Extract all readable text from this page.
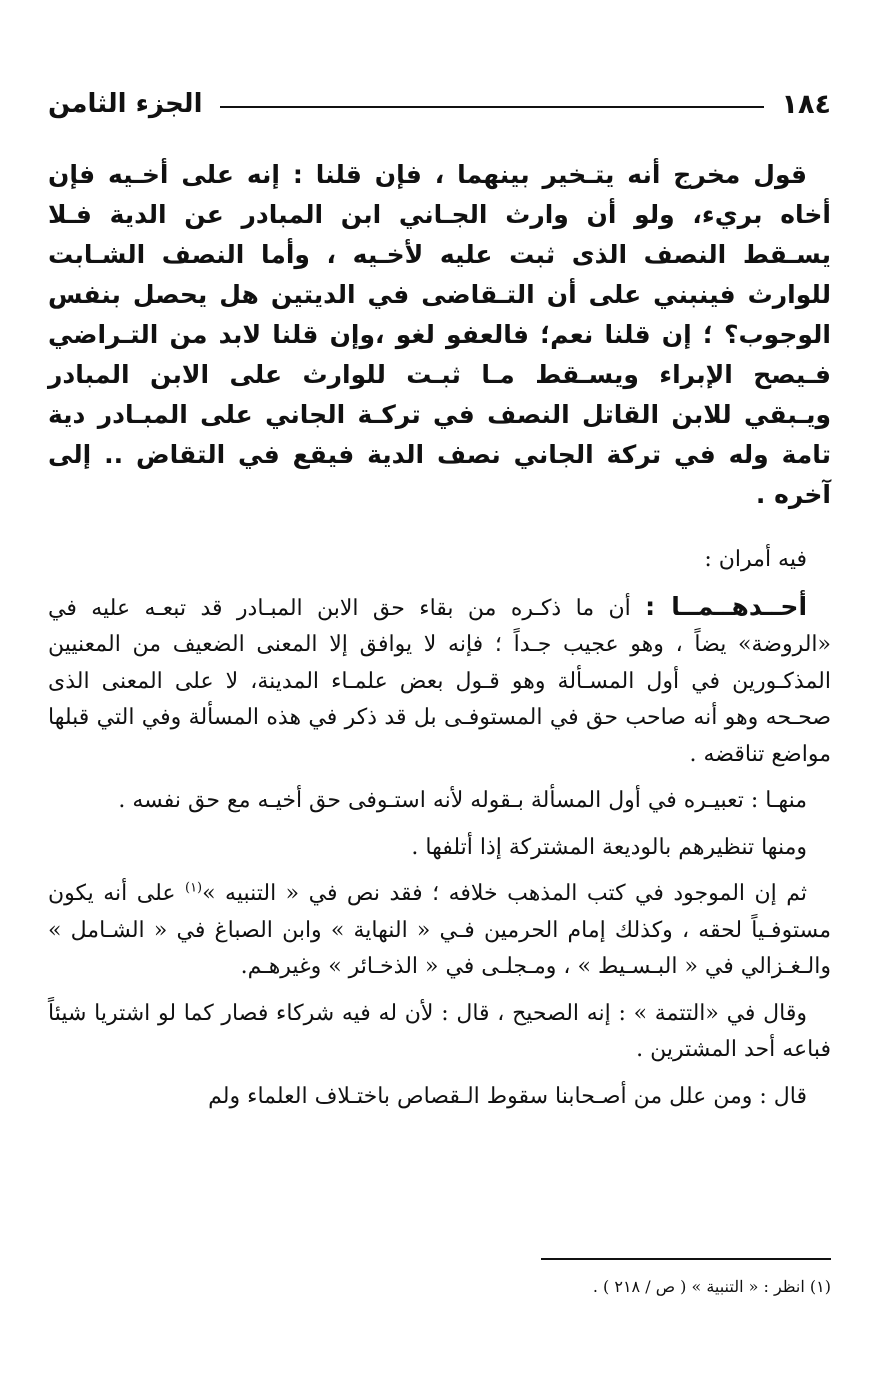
١٨٤
الجزء الثامن

قول مخرج أنه يتـخير بينهما ، فإن قلنا : إنه على أخـيه فإن أخاه بريء، ولو أن وارث الجـاني ابن المبادر عن الدية فـلا يسـقط النصف الذى ثبت عليه لأخـيه ، وأما النصف الشـابت للوارث فينبني على أن التـقاضى في الديتين هل يحصل بنفس الوجوب؟ ؛ إن قلنا نعم؛ فالعفو لغو ،وإن قلنا لابد من التـراضي فـيصح الإبراء ويسـقط مـا ثبـت للوارث على الابن المبادر ويـبقي للابن القاتل النصف في تركـة الجاني على المبـادر دية تامة وله في تركة الجاني نصف الدية فيقع في التقاض .. إلى آخره .

فيه أمران :

أحــدهــمــا : أن ما ذكـره من بقاء حق الابن المبـادر قد تبعـه عليه في «الروضة» يضاً ، وهو عجيب جـداً ؛ فإنه لا يوافق إلا المعنى الضعيف من المعنيين المذكـورين في أول المسـألة وهو قـول بعض علمـاء المدينة، لا على المعنى الذى صحـحه وهو أنه صاحب حق في المستوفـى بل قد ذكر في هذه المسألة وفي التي قبلها مواضع تناقضه .

منهـا : تعبيـره في أول المسألة بـقوله لأنه استـوفى حق أخيـه مع حق نفسه .

ومنها تنظيرهم بالوديعة المشتركة إذا أتلفها .

ثم إن الموجود في كتب المذهب خلافه ؛ فقد نص في « التنبيه »$^{(١)}$ على أنه يكون مستوفـياً لحقه ، وكذلك إمام الحرمين فـي « النهاية » وابن الصباغ في « الشـامل » والـغـزالي في « البـسـيط » ، ومـجلـى في « الذخـائر » وغيرهـم.

وقال في «التتمة » : إنه الصحيح ، قال : لأن له فيه شركاء فصار كما لو اشتريا شيئاً فباعه أحد المشترين .

قال : ومن علل من أصـحابنا سقوط الـقصاص باختـلاف العلماء ولم

(١) انظر : « التنبية » ( ص / ٢١٨ ) .
